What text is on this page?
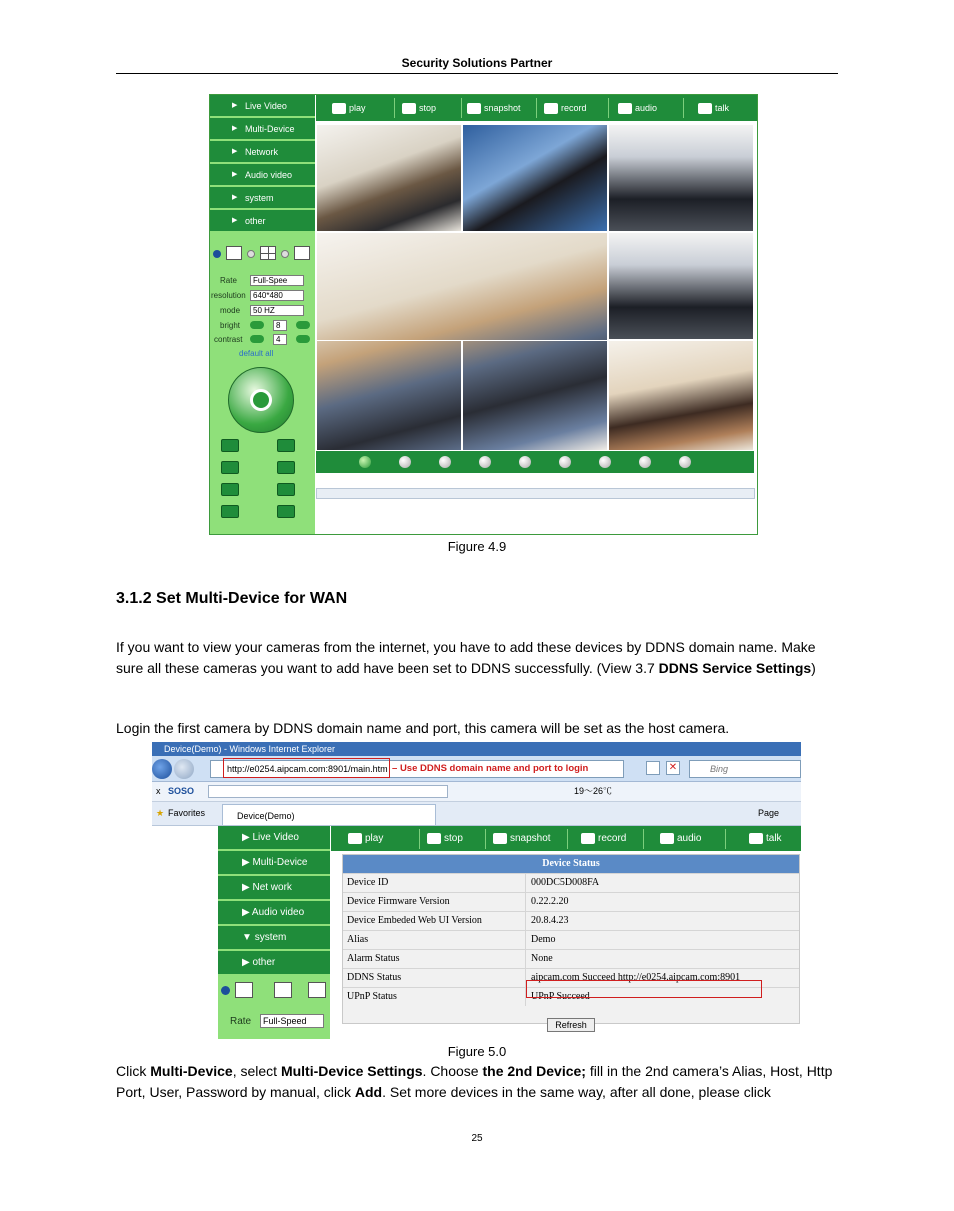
Security Solutions Partner
▶ Live Video
▶ Multi-Device
▶ Network
▶ Audio video
▶ system
▶ other
Rate	Full-Spee
resolution 640*480
mode	50 HZ
bright	8
contrast	4
default all
play	stop	snapshot	record	audio	talk
Figure 4.9
3.1.2 Set Multi-Device for WAN
If you want to view your cameras from the internet, you have to add these devices by DDNS domain name. Make sure all these cameras you want to add have been set to DDNS successfully. (View 3.7 DDNS Service Settings)
Login the first camera by DDNS domain name and port, this camera will be set as the host camera.
Device(Demo) - Windows Internet Explorer
http://e0254.aipcam.com:8901/main.htm – Use DDNS domain name and port to login	✕	Bing
x SOSO	19～26℃
★ Favorites	Device(Demo)	Page
▶ Live Video
▶ Multi-Device
▶ Net work
▶ Audio video
▼ system
▶ other
Rate	Full-Speed
play	stop	snapshot	record	audio	talk
Device Status
Device ID	000DC5D008FA
Device Firmware Version	0.22.2.20
Device Embeded Web UI Version	20.8.4.23
Alias	Demo
Alarm Status	None
DDNS Status	aipcam.com Succeed http://e0254.aipcam.com:8901
UPnP Status	UPnP Succeed
Refresh
Figure 5.0
Click Multi-Device, select Multi-Device Settings. Choose the 2nd Device; fill in the 2nd camera’s Alias, Host, Http Port, User, Password by manual, click Add. Set more devices in the same way, after all done, please click
25
